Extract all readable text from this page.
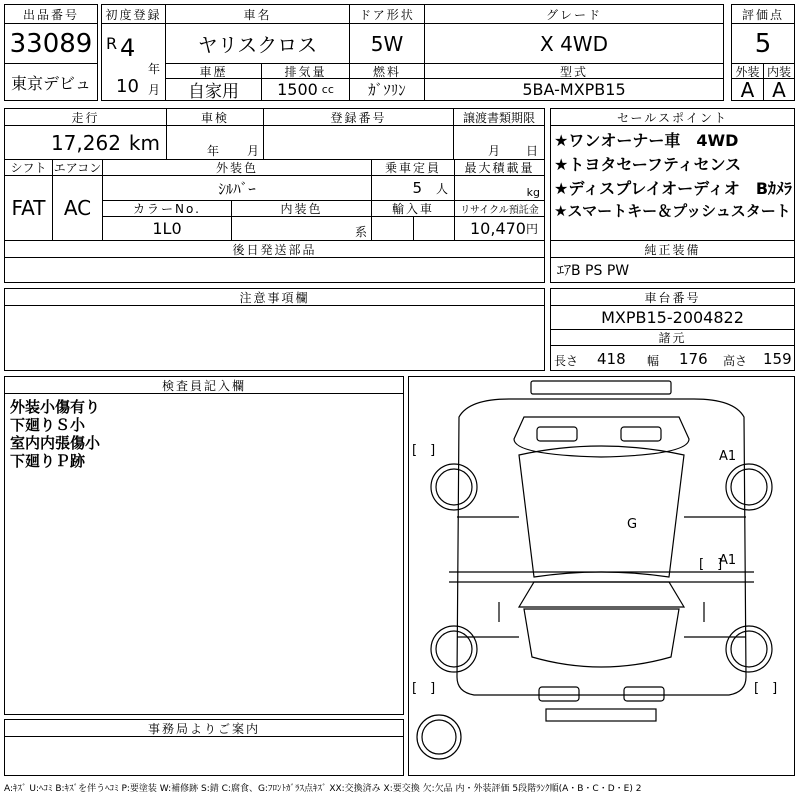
出品番号
33089
東京デビュ
初度登録
R 4
年
10 月
車名
ヤリスクロス
ドア形状
5W
グレード
X 4WD
評価点
5
外装 内装
A A
車歴
自家用
排気量
1500 cc
燃料
ｶﾞｿﾘﾝ
型式
5BA-MXPB15
走行
17,262 km
車検
年 月
登録番号	譲渡書類期限
月 日
シフト
FAT
エアコン
AC
外装色
ｼﾙﾊﾞｰ
乗車定員
5 人
最大積載量
kg
カラーNo.
1L0
内装色
系
輸入車	リサイクル預託金
10,470 円
セールスポイント
★ワンオーナー車　4WD
★トヨタセーフティセンス
★ディスプレイオーディオ　Bｶﾒﾗ
★スマートキー＆プッシュスタート
後日発送部品	純正装備
ｴｱB PS PW
注意事項欄	車台番号
MXPB15-2004822
諸元
長さ 418 幅 176 高さ 159
検査員記入欄
外装小傷有り
下廻りＳ小
室内内張傷小
下廻りＰ跡
事務局よりご案内
A1
G
A1
[　]
[　]
[　]	[　]
A:ｷｽﾞ U:ﾍｺﾐ B:ｷｽﾞを伴うﾍｺﾐ P:要塗装 W:補修跡 S:錆 C:腐食、G:ﾌﾛﾝﾄｶﾞﾗｽ点ｷｽﾞ XX:交換済み X:要交換 欠:欠品 内・外装評価 5段階ﾗﾝｸ順(A・B・C・D・E) 2
